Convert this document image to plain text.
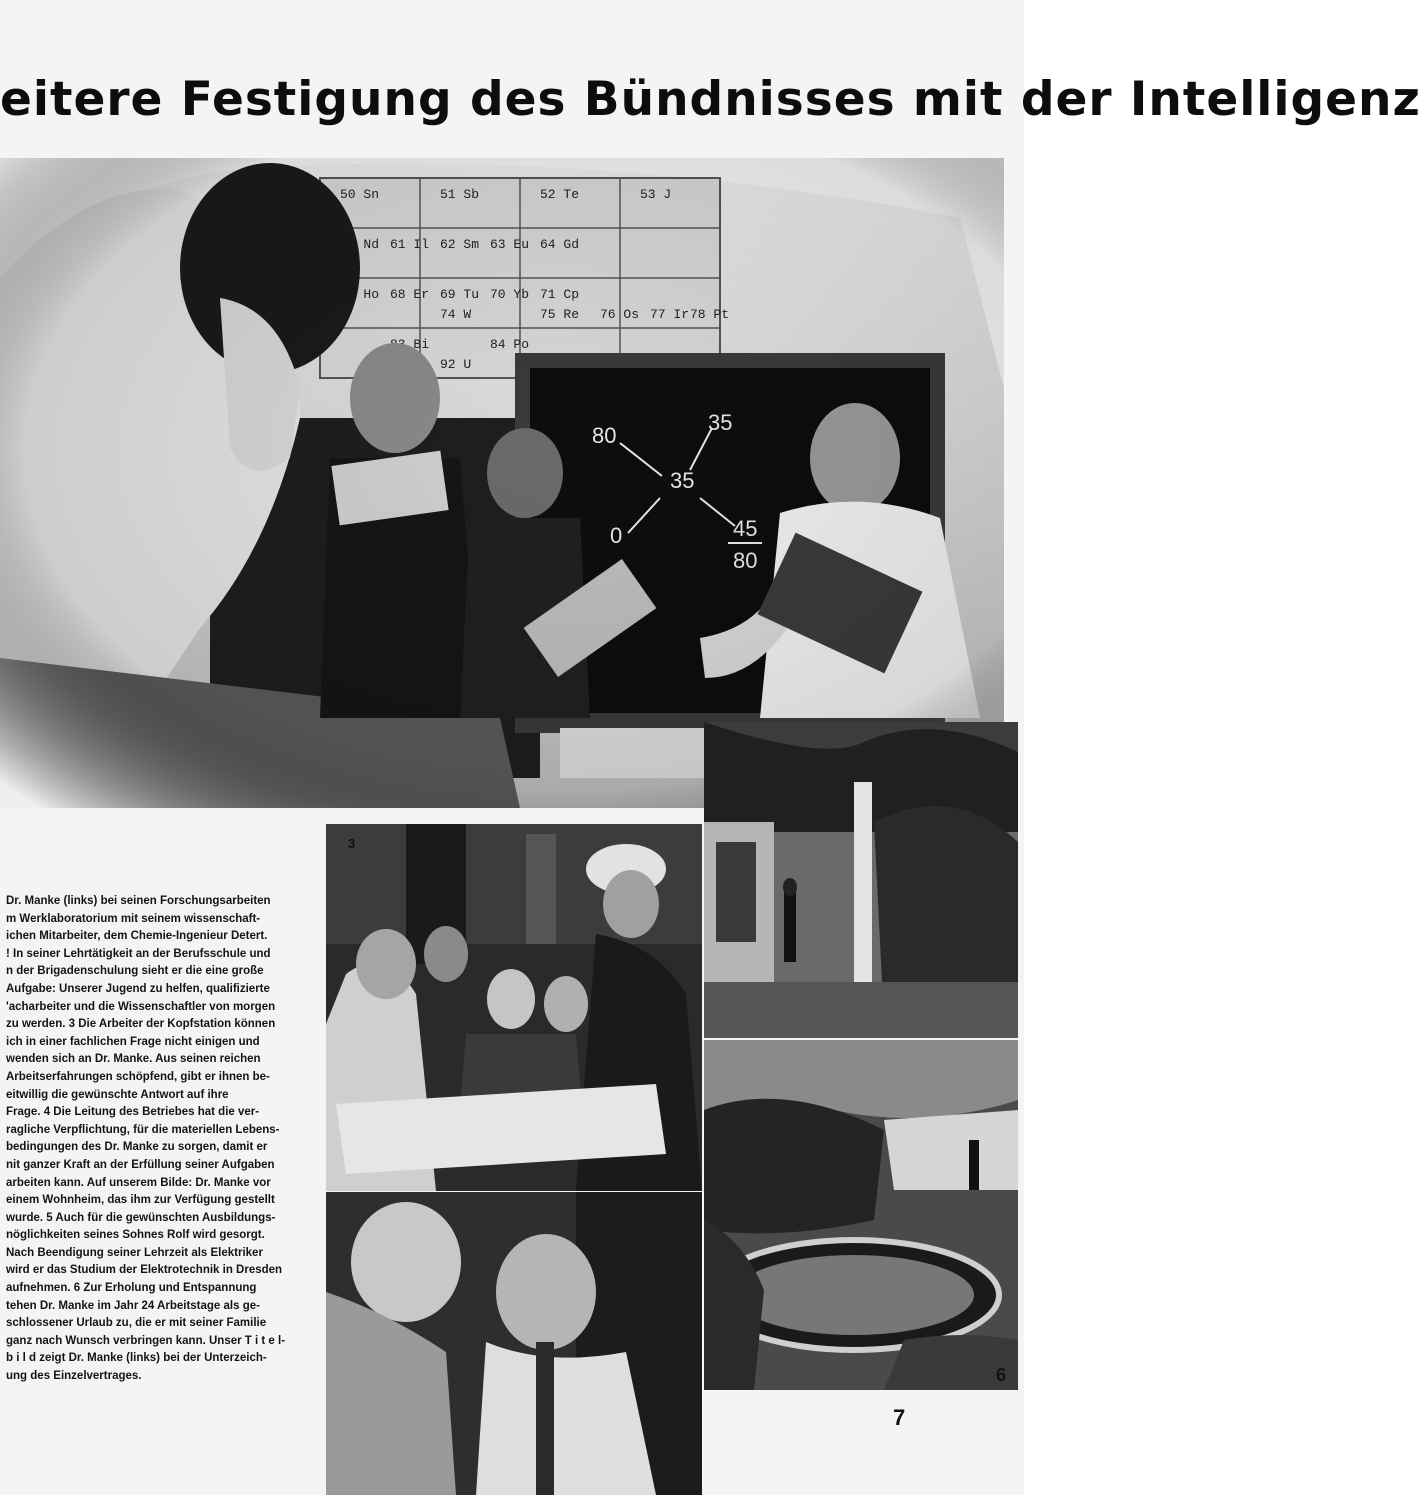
eitere Festigung des Bündnisses mit der Intelligenz
3
6
Dr. Manke (links) bei seinen Forschungsarbeiten
m Werklaboratorium mit seinem wissenschaft-
ichen Mitarbeiter, dem Chemie-Ingenieur Detert.
! In seiner Lehrtätigkeit an der Berufsschule und
n der Brigadenschulung sieht er die eine große
Aufgabe: Unserer Jugend zu helfen, qualifizierte
'acharbeiter und die Wissenschaftler von morgen
zu werden. 3 Die Arbeiter der Kopfstation können
ich in einer fachlichen Frage nicht einigen und
wenden sich an Dr. Manke. Aus seinen reichen
Arbeitserfahrungen schöpfend, gibt er ihnen be-
eitwillig die gewünschte Antwort auf ihre
Frage. 4 Die Leitung des Betriebes hat die ver-
ragliche Verpflichtung, für die materiellen Lebens-
bedingungen des Dr. Manke zu sorgen, damit er
nit ganzer Kraft an der Erfüllung seiner Aufgaben
arbeiten kann. Auf unserem Bilde: Dr. Manke vor
einem Wohnheim, das ihm zur Verfügung gestellt
wurde. 5 Auch für die gewünschten Ausbildungs-
nöglichkeiten seines Sohnes Rolf wird gesorgt.
Nach Beendigung seiner Lehrzeit als Elektriker
wird er das Studium der Elektrotechnik in Dresden
aufnehmen. 6 Zur Erholung und Entspannung
tehen Dr. Manke im Jahr 24 Arbeitstage als ge-
schlossener Urlaub zu, die er mit seiner Familie
ganz nach Wunsch verbringen kann. Unser T i t e l-
b i l d zeigt Dr. Manke (links) bei der Unterzeich-
ung des Einzelvertrages.
7
